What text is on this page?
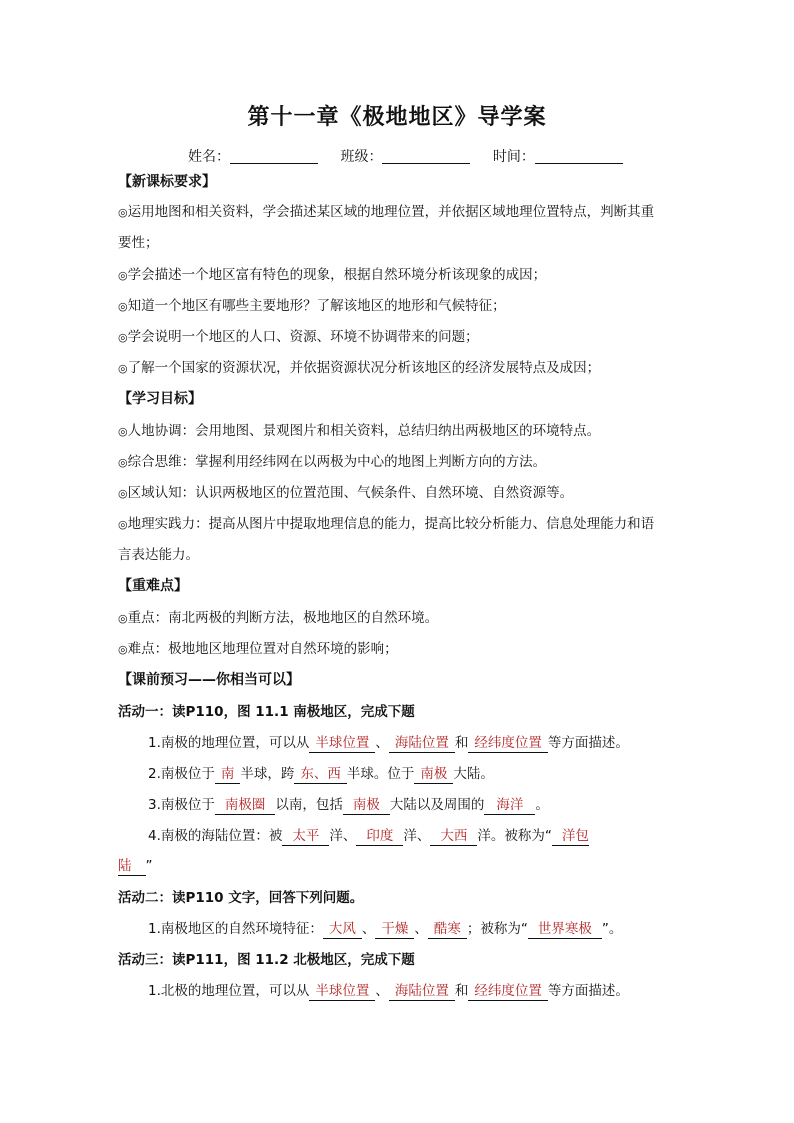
第十一章《极地地区》导学案
姓名：	班级：	时间：
【新课标要求】
◎运用地图和相关资料，学会描述某区域的地理位置，并依据区域地理位置特点，判断其重
要性；
◎学会描述一个地区富有特色的现象，根据自然环境分析该现象的成因；
◎知道一个地区有哪些主要地形？了解该地区的地形和气候特征；
◎学会说明一个地区的人口、资源、环境不协调带来的问题；
◎了解一个国家的资源状况，并依据资源状况分析该地区的经济发展特点及成因；
【学习目标】
◎人地协调：会用地图、景观图片和相关资料，总结归纳出两极地区的环境特点。
◎综合思维：掌握利用经纬网在以两极为中心的地图上判断方向的方法。
◎区域认知：认识两极地区的位置范围、气候条件、自然环境、自然资源等。
◎地理实践力：提高从图片中提取地理信息的能力，提高比较分析能力、信息处理能力和语
言表达能力。
【重难点】
◎重点：南北两极的判断方法，极地地区的自然环境。
◎难点：极地地区地理位置对自然环境的影响；
【课前预习——你相当可以】
活动一：读P110，图 11.1 南极地区，完成下题
1.南极的地理位置，可以从 半球位置 、 海陆位置 和 经纬度位置 等方面描述。
2.南极位于 南 半球，跨 东、西 半球。位于 南极 大陆。
3.南极位于 南极圈 以南，包括 南极 大陆以及周围的 海洋 。
4.南极的海陆位置：被 太平 洋、 印度 洋、 大西 洋。被称为“ 洋包
陆 ”
活动二：读P110 文字，回答下列问题。
1.南极地区的自然环境特征： 大风 、 干燥 、 酷寒 ；被称为“ 世界寒极 ”。
活动三：读P111，图 11.2 北极地区，完成下题
1.北极的地理位置，可以从 半球位置 、 海陆位置 和 经纬度位置 等方面描述。
